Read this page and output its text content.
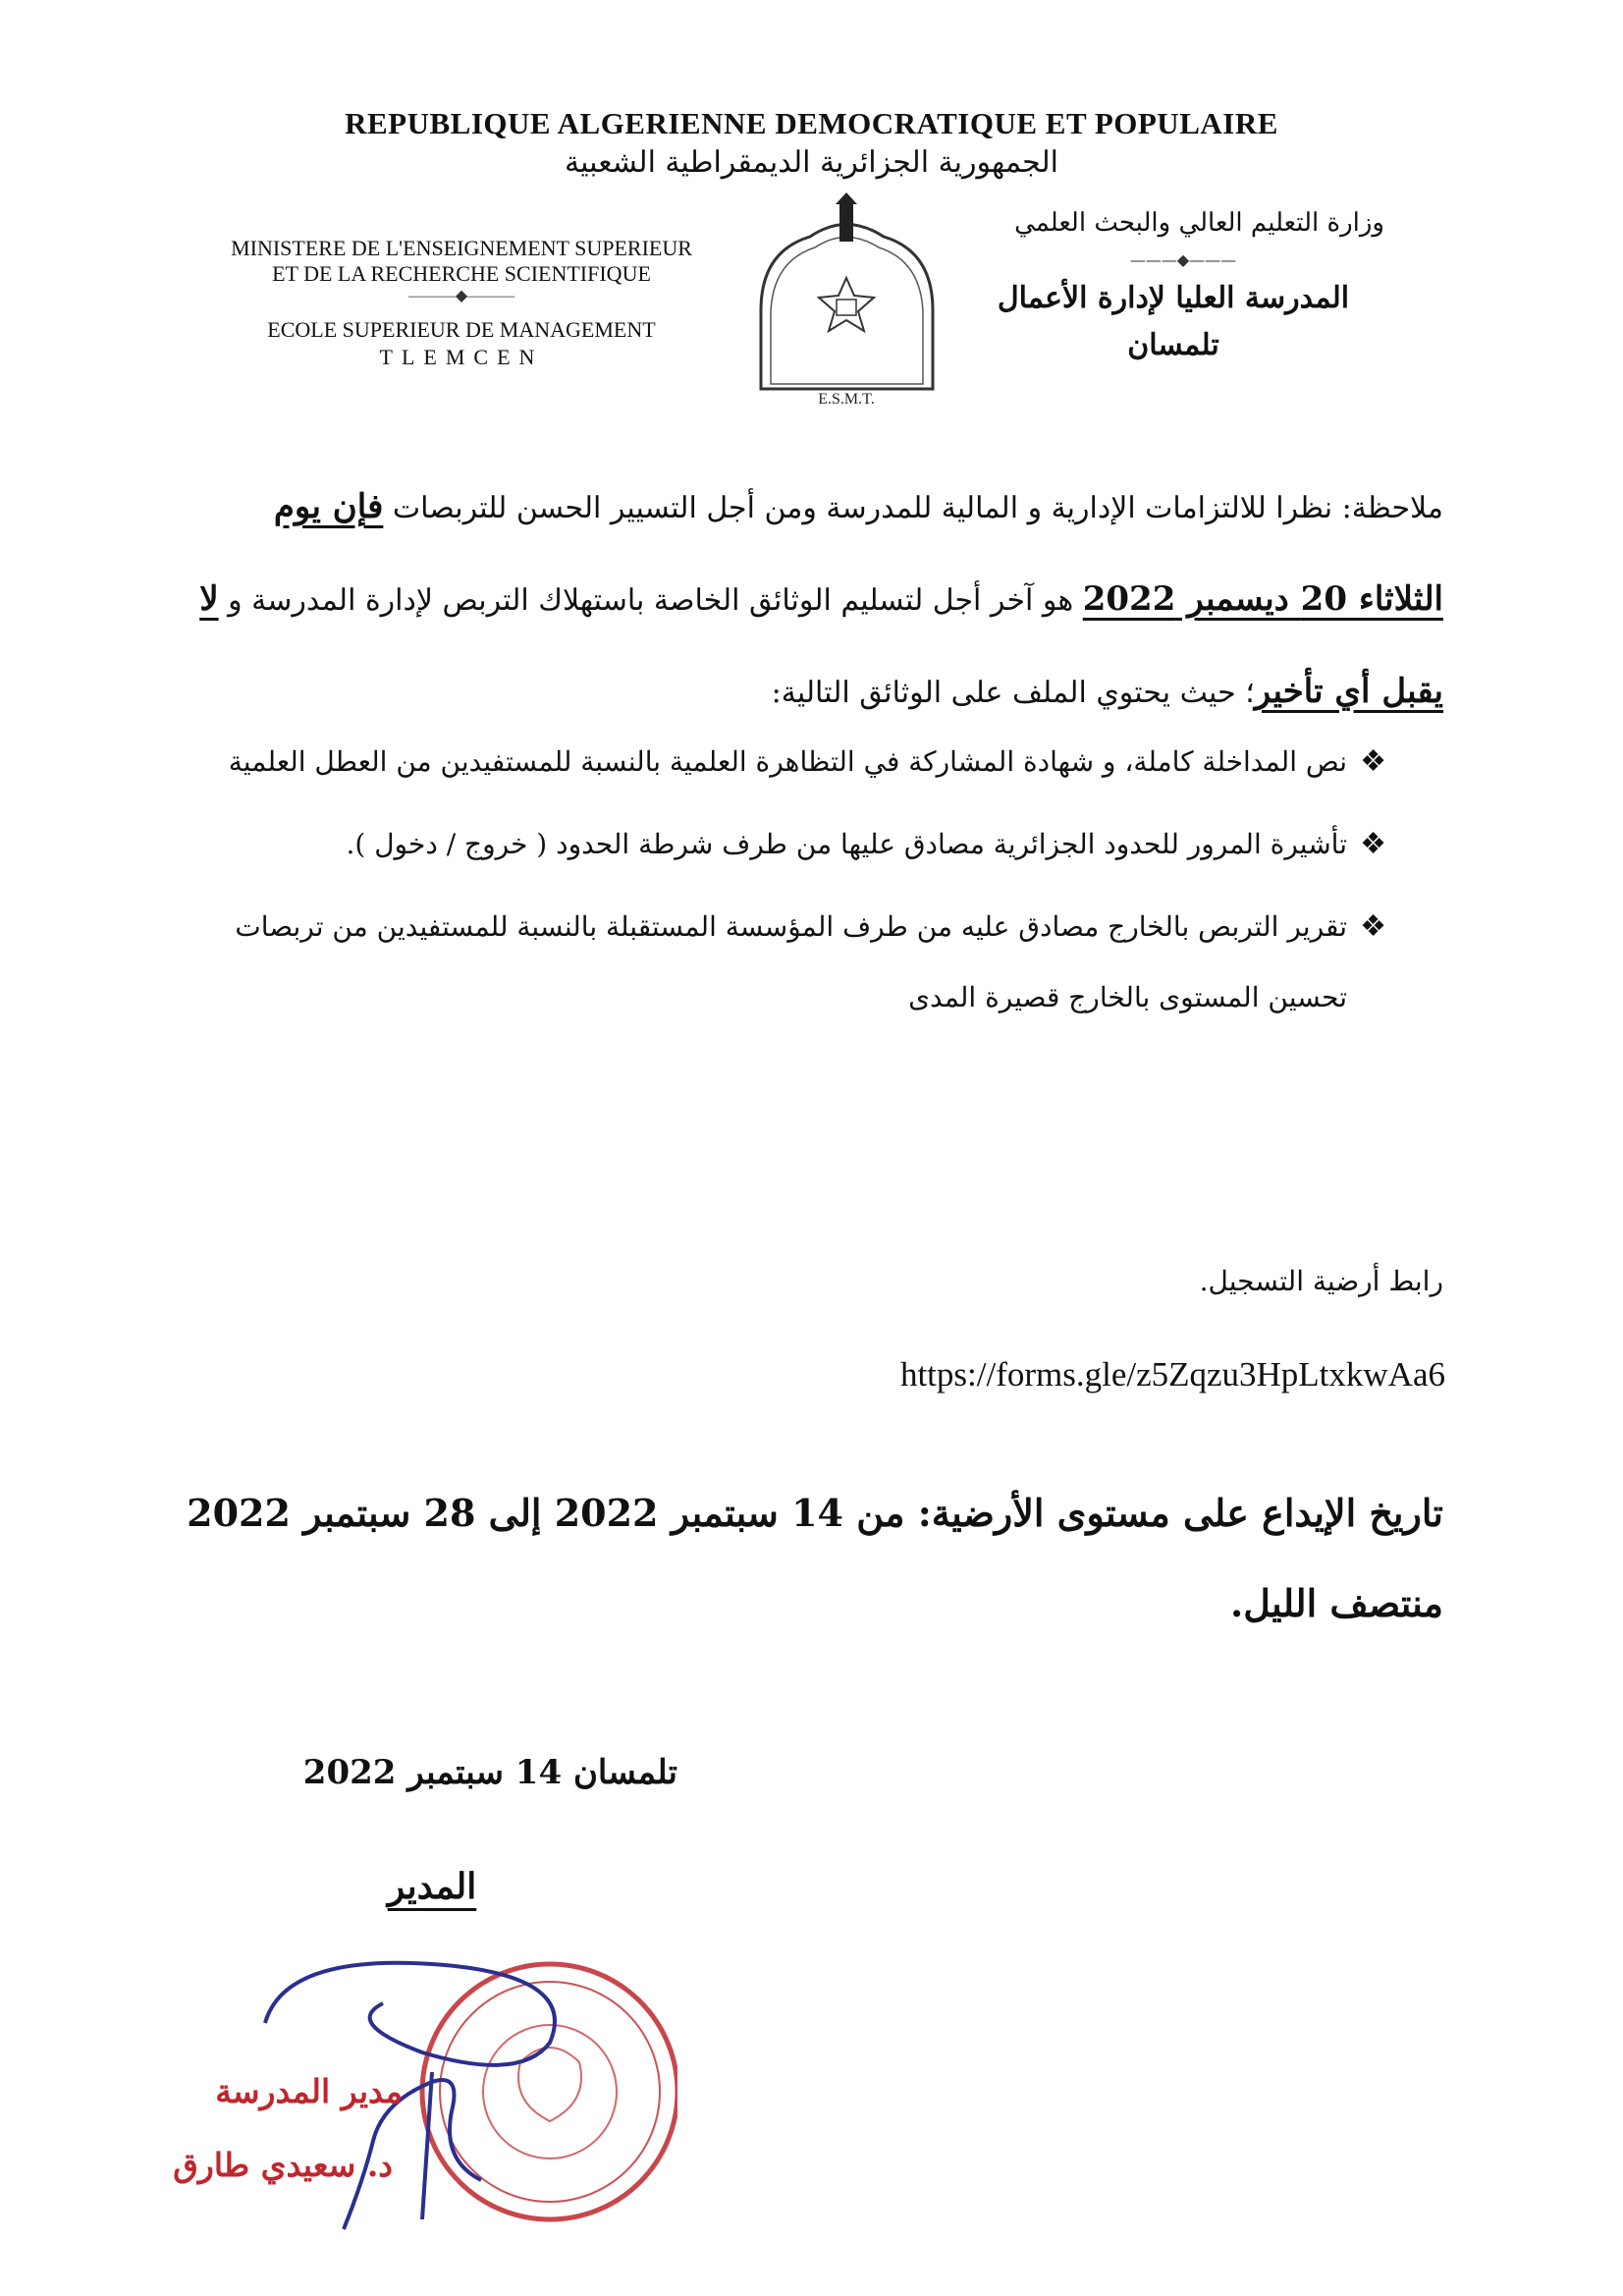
REPUBLIQUE ALGERIENNE DEMOCRATIQUE ET POPULAIRE
الجمهورية الجزائرية الديمقراطية الشعبية
MINISTERE DE L'ENSEIGNEMENT SUPERIEUR
ET DE LA RECHERCHE SCIENTIFIQUE
———◆———
ECOLE SUPERIEUR DE MANAGEMENT
TLEMCEN
وزارة التعليم العالي والبحث العلمي
———◆———
المدرسة العليا لإدارة الأعمال
تلمسان
E.S.M.T.
ملاحظة: نظرا للالتزامات الإدارية و المالية للمدرسة ومن أجل التسيير الحسن للتربصات فإن يوم الثلاثاء 20 ديسمبر 2022 هو آخر أجل لتسليم الوثائق الخاصة باستهلاك التربص لإدارة المدرسة و لا يقبل أي تأخير؛ حيث يحتوي الملف على الوثائق التالية:
❖
نص المداخلة كاملة، و شهادة المشاركة في التظاهرة العلمية بالنسبة للمستفيدين من العطل العلمية
❖
تأشيرة المرور للحدود الجزائرية مصادق عليها من طرف شرطة الحدود ( خروج / دخول ).
❖
تقرير التربص بالخارج مصادق عليه من طرف المؤسسة المستقبلة بالنسبة للمستفيدين من تربصات تحسين المستوى بالخارج قصيرة المدى
رابط أرضية التسجيل.
https://forms.gle/z5Zqzu3HpLtxkwAa6
تاريخ الإيداع على مستوى الأرضية: من 14 سبتمبر 2022 إلى 28 سبتمبر 2022 منتصف الليل.
تلمسان 14 سبتمبر 2022
المدير
مدير المدرسة
د. سعيدي طارق
